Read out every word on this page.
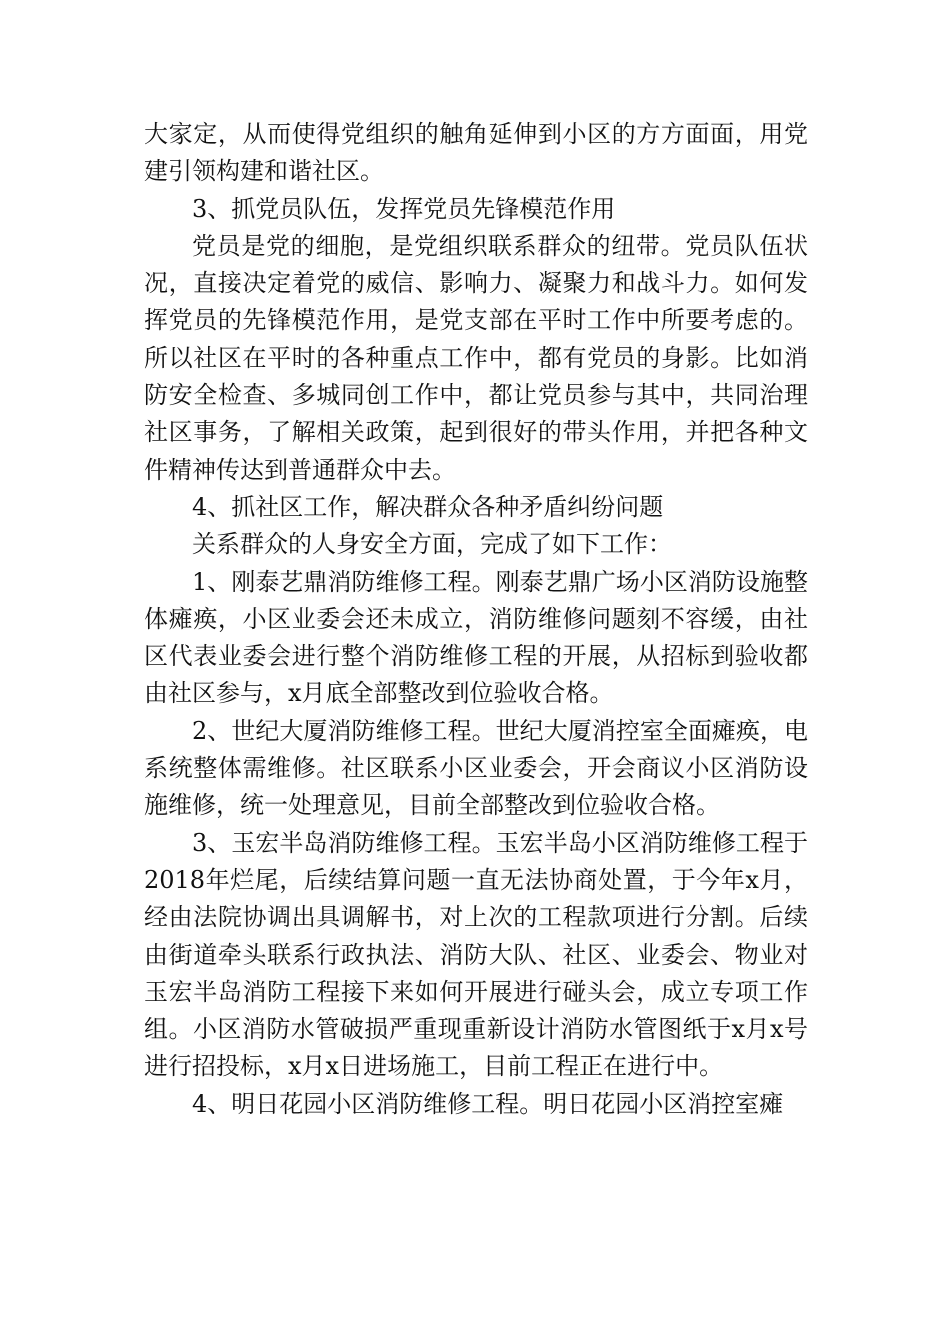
大家定，从而使得党组织的触角延伸到小区的方方面面，用党建引领构建和谐社区。

3、抓党员队伍，发挥党员先锋模范作用

党员是党的细胞，是党组织联系群众的纽带。党员队伍状况，直接决定着党的威信、影响力、凝聚力和战斗力。如何发挥党员的先锋模范作用，是党支部在平时工作中所要考虑的。所以社区在平时的各种重点工作中，都有党员的身影。比如消防安全检查、多城同创工作中，都让党员参与其中，共同治理社区事务，了解相关政策，起到很好的带头作用，并把各种文件精神传达到普通群众中去。

4、抓社区工作，解决群众各种矛盾纠纷问题

关系群众的人身安全方面，完成了如下工作：

1、刚泰艺鼎消防维修工程。刚泰艺鼎广场小区消防设施整体瘫痪，小区业委会还未成立，消防维修问题刻不容缓，由社区代表业委会进行整个消防维修工程的开展，从招标到验收都由社区参与，x月底全部整改到位验收合格。

2、世纪大厦消防维修工程。世纪大厦消控室全面瘫痪，电系统整体需维修。社区联系小区业委会，开会商议小区消防设施维修，统一处理意见，目前全部整改到位验收合格。

3、玉宏半岛消防维修工程。玉宏半岛小区消防维修工程于2018年烂尾，后续结算问题一直无法协商处置，于今年x月，经由法院协调出具调解书，对上次的工程款项进行分割。后续由街道牵头联系行政执法、消防大队、社区、业委会、物业对玉宏半岛消防工程接下来如何开展进行碰头会，成立专项工作组。小区消防水管破损严重现重新设计消防水管图纸于x月x号进行招投标，x月x日进场施工，目前工程正在进行中。

4、明日花园小区消防维修工程。明日花园小区消控室瘫
